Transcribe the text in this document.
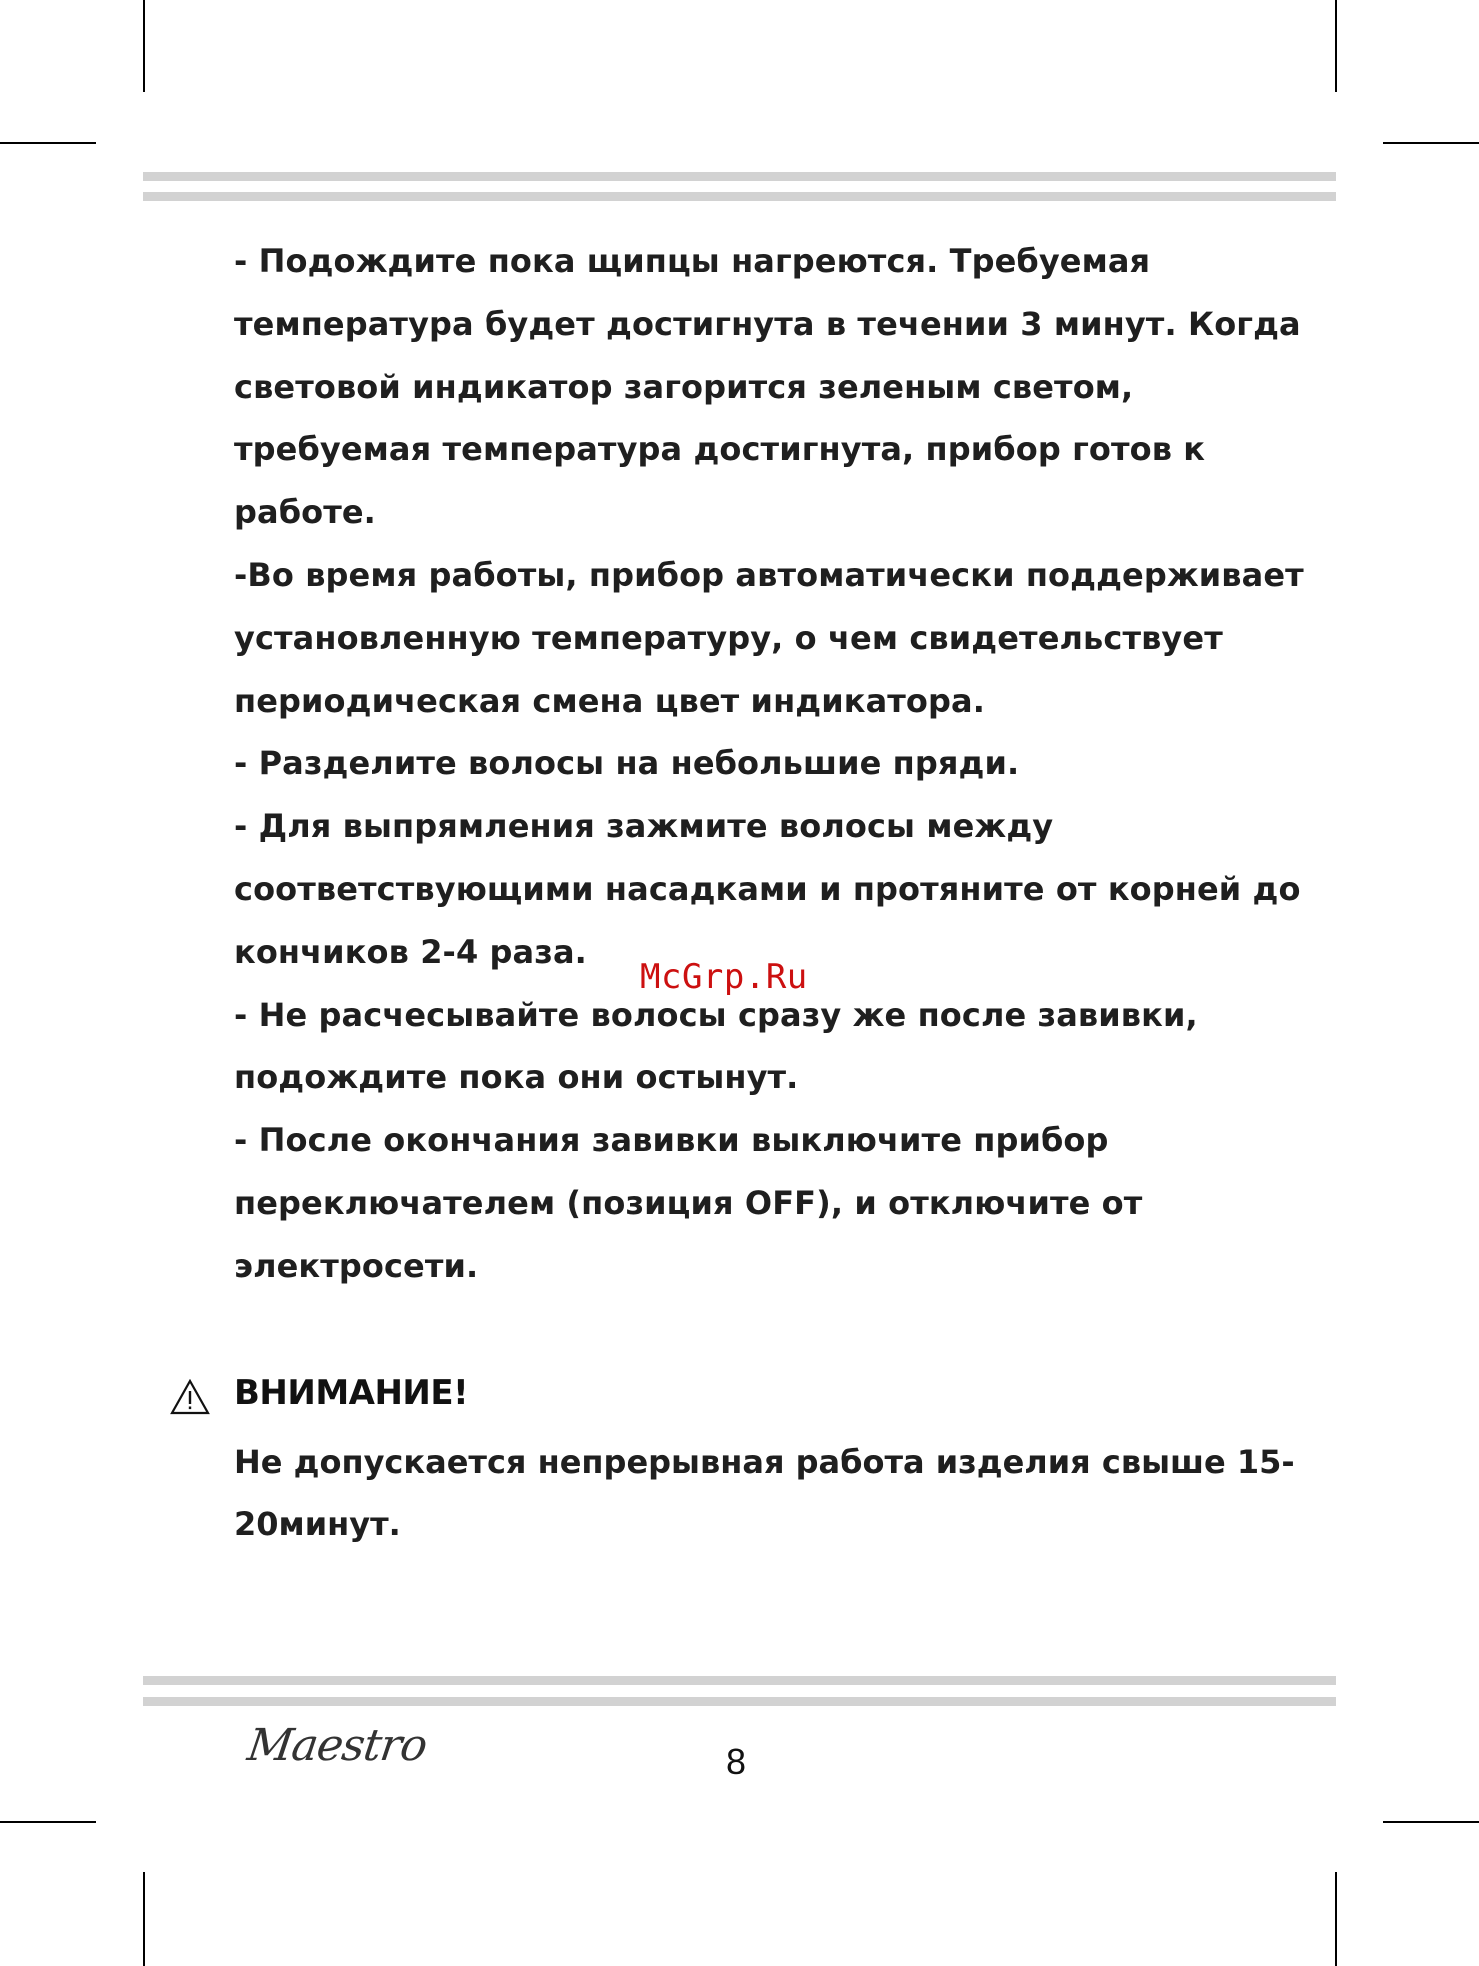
- Подождите пока щипцы нагреются. Требуемая
температура будет достигнута в течении 3 минут. Когда
световой индикатор загорится зеленым светом,
требуемая температура достигнута, прибор готов к
работе.
-Во время работы, прибор автоматически поддерживает
установленную температуру, о чем свидетельствует
периодическая смена цвет индикатора.
- Разделите волосы на небольшие пряди.
- Для выпрямления зажмите волосы между
соответствующими насадками и протяните от корней до
кончиков 2-4 раза.
- Не расчесывайте волосы сразу же после завивки,
подождите пока они остынут.
- После окончания завивки выключите прибор
переключателем (позиция OFF), и отключите от
электросети.
McGrp.Ru
ВНИМАНИЕ!
Не допускается непрерывная работа изделия свыше 15-
20минут.
Maestro	8
